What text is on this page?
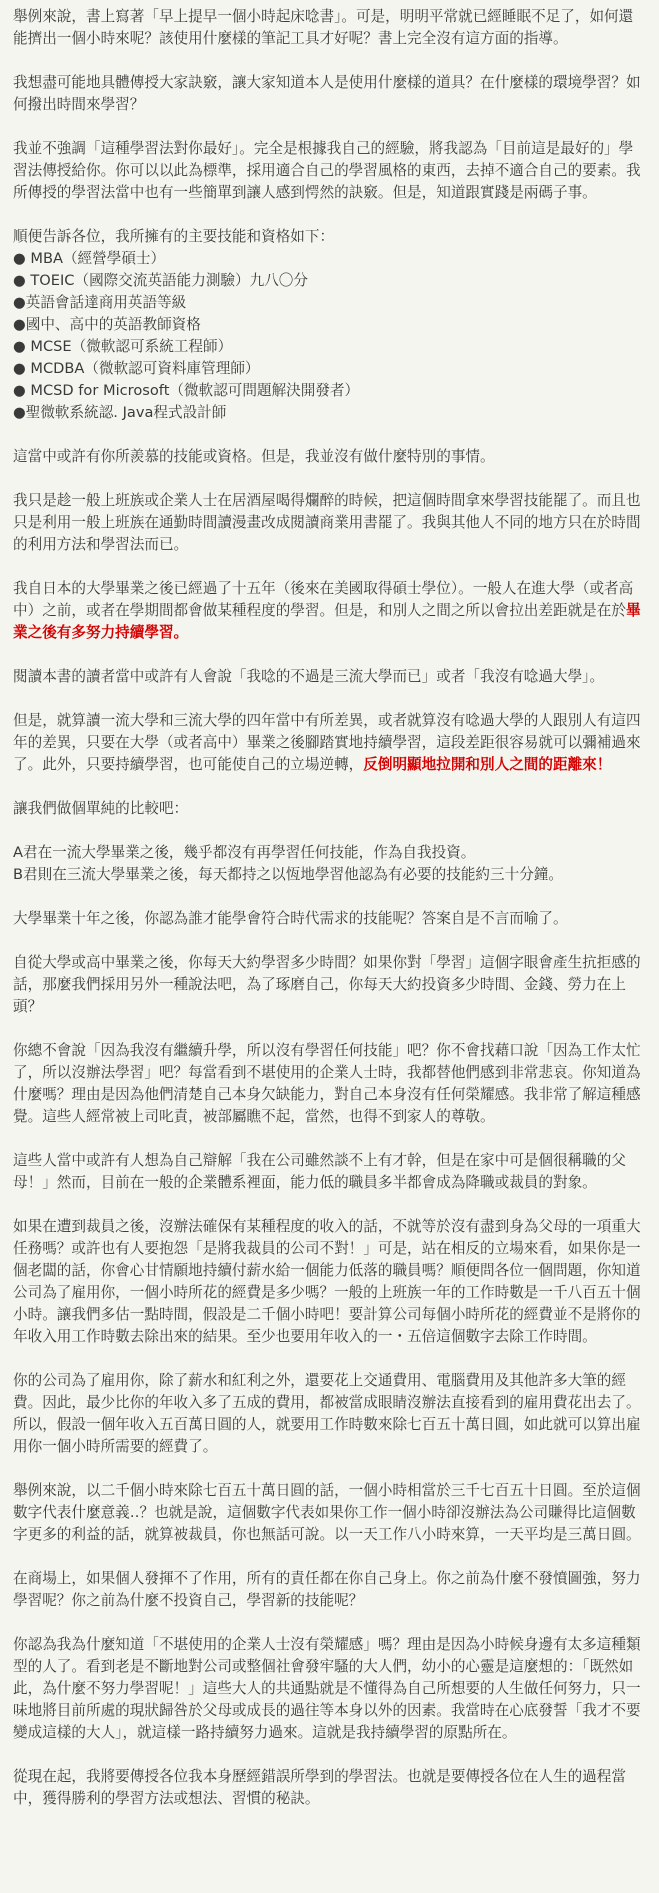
舉例來說，書上寫著「早上提早一個小時起床唸書」。可是，明明平常就已經睡眠不足了，如何還能擠出一個小時來呢？該使用什麼樣的筆記工具才好呢？書上完全沒有這方面的指導。

我想盡可能地具體傳授大家訣竅，讓大家知道本人是使用什麼樣的道具？在什麼樣的環境學習？如何撥出時間來學習？

我並不強調「這種學習法對你最好」。完全是根據我自己的經驗，將我認為「目前這是最好的」學習法傳授給你。你可以以此為標準，採用適合自己的學習風格的東西，去掉不適合自己的要素。我所傳授的學習法當中也有一些簡單到讓人感到愕然的訣竅。但是，知道跟實踐是兩碼子事。

順便告訴各位，我所擁有的主要技能和資格如下：
● MBA（經營學碩士）
● TOEIC（國際交流英語能力測驗）九八〇分
●英語會話達商用英語等級
●國中、高中的英語教師資格
● MCSE（微軟認可系統工程師）
● MCDBA（微軟認可資料庫管理師）
● MCSD for Microsoft（微軟認可問題解決開發者）
●聖微軟系統認. Java程式設計師

這當中或許有你所羨慕的技能或資格。但是，我並沒有做什麼特別的事情。

我只是趁一般上班族或企業人士在居酒屋喝得爛醉的時候，把這個時間拿來學習技能罷了。而且也只是利用一般上班族在通勤時間讀漫畫改成閱讀商業用書罷了。我與其他人不同的地方只在於時間的利用方法和學習法而已。

我自日本的大學畢業之後已經過了十五年（後來在美國取得碩士學位）。一般人在進大學（或者高中）之前，或者在學期間都會做某種程度的學習。但是，和別人之間之所以會拉出差距就是在於畢業之後有多努力持續學習。

閱讀本書的讀者當中或許有人會說「我唸的不過是三流大學而已」或者「我沒有唸過大學」。

但是，就算讀一流大學和三流大學的四年當中有所差異，或者就算沒有唸過大學的人跟別人有這四年的差異，只要在大學（或者高中）畢業之後腳踏實地持續學習，這段差距很容易就可以彌補過來了。此外，只要持續學習，也可能使自己的立場逆轉，反倒明顯地拉開和別人之間的距離來！

讓我們做個單純的比較吧：

A君在一流大學畢業之後，幾乎都沒有再學習任何技能，作為自我投資。
B君則在三流大學畢業之後，每天都持之以恆地學習他認為有必要的技能約三十分鐘。

大學畢業十年之後，你認為誰才能學會符合時代需求的技能呢？答案自是不言而喻了。

自從大學或高中畢業之後，你每天大約學習多少時間？如果你對「學習」這個字眼會產生抗拒感的話，那麼我們採用另外一種說法吧，為了琢磨自己，你每天大約投資多少時間、金錢、勞力在上頭？

你總不會說「因為我沒有繼續升學，所以沒有學習任何技能」吧？你不會找藉口說「因為工作太忙了，所以沒辦法學習」吧？每當看到不堪使用的企業人士時，我都替他們感到非常悲哀。你知道為什麼嗎？理由是因為他們清楚自己本身欠缺能力，對自己本身沒有任何榮耀感。我非常了解這種感覺。這些人經常被上司叱責，被部屬瞧不起，當然，也得不到家人的尊敬。

這些人當中或許有人想為自己辯解「我在公司雖然談不上有才幹，但是在家中可是個很稱職的父母！」然而，目前在一般的企業體系裡面，能力低的職員多半都會成為降職或裁員的對象。

如果在遭到裁員之後，沒辦法確保有某種程度的收入的話，不就等於沒有盡到身為父母的一項重大任務嗎？或許也有人要抱怨「是將我裁員的公司不對！」可是，站在相反的立場來看，如果你是一個老闆的話，你會心甘情願地持續付薪水給一個能力低落的職員嗎？順便問各位一個問題，你知道公司為了雇用你，一個小時所花的經費是多少嗎？一般的上班族一年的工作時數是一千八百五十個小時。讓我們多估一點時間，假設是二千個小時吧！要計算公司每個小時所花的經費並不是將你的年收入用工作時數去除出來的結果。至少也要用年收入的一・五倍這個數字去除工作時間。

你的公司為了雇用你，除了薪水和紅利之外，還要花上交通費用、電腦費用及其他許多大筆的經費。因此，最少比你的年收入多了五成的費用，都被當成眼睛沒辦法直接看到的雇用費花出去了。所以，假設一個年收入五百萬日圓的人，就要用工作時數來除七百五十萬日圓，如此就可以算出雇用你一個小時所需要的經費了。

舉例來說，以二千個小時來除七百五十萬日圓的話，一個小時相當於三千七百五十日圓。至於這個數字代表什麼意義‥？也就是說，這個數字代表如果你工作一個小時卻沒辦法為公司賺得比這個數字更多的利益的話，就算被裁員，你也無話可說。以一天工作八小時來算，一天平均是三萬日圓。

在商場上，如果個人發揮不了作用，所有的責任都在你自己身上。你之前為什麼不發憤圖強，努力學習呢？你之前為什麼不投資自己，學習新的技能呢？

你認為我為什麼知道「不堪使用的企業人士沒有榮耀感」嗎？理由是因為小時候身邊有太多這種類型的人了。看到老是不斷地對公司或整個社會發牢騷的大人們，幼小的心靈是這麼想的：「既然如此，為什麼不努力學習呢！」這些大人的共通點就是不懂得為自己所想要的人生做任何努力，只一味地將目前所處的現狀歸咎於父母或成長的過往等本身以外的因素。我當時在心底發誓「我才不要變成這樣的大人」，就這樣一路持續努力過來。這就是我持續學習的原點所在。

從現在起，我將要傳授各位我本身歷經錯誤所學到的學習法。也就是要傳授各位在人生的過程當中，獲得勝利的學習方法或想法、習慣的秘訣。
